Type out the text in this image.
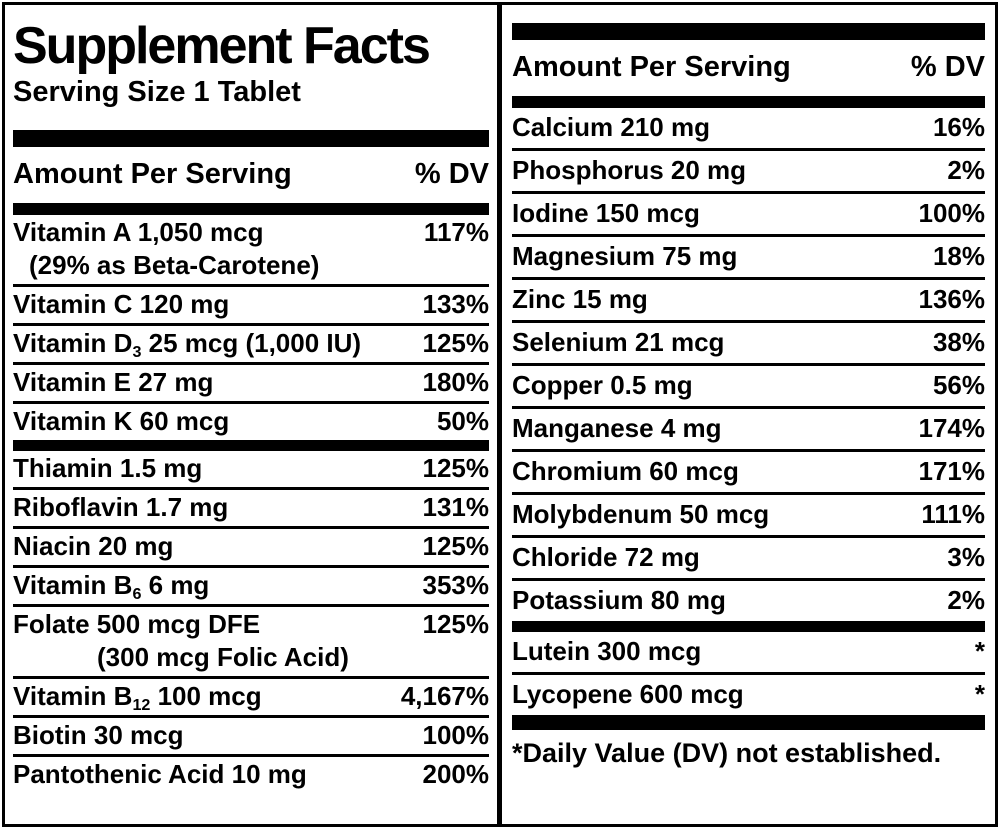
Supplement Facts
Serving Size 1 Tablet
Amount Per Serving	% DV
Vitamin A 1,050 mcg	117%
(29% as Beta-Carotene)
Vitamin C 120 mg	133%
Vitamin $D_3$ 25 mcg (1,000 IU) 125%
Vitamin E 27 mg	180%
Vitamin K 60 mcg	50%
Thiamin 1.5 mg	125%
Riboflavin 1.7 mg	131%
Niacin 20 mg	125%
Vitamin $B_6$ 6 mg	353%
Folate 500 mcg DFE	125%
(300 mcg Folic Acid)
Vitamin $B_{12}$ 100 mcg	4,167%
Biotin 30 mcg	100%
Pantothenic Acid 10 mg	200%
Amount Per Serving	% DV
Calcium 210 mg	16%
Phosphorus 20 mg	2%
Iodine 150 mcg	100%
Magnesium 75 mg	18%
Zinc 15 mg	136%
Selenium 21 mcg	38%
Copper 0.5 mg	56%
Manganese 4 mg	174%
Chromium 60 mcg	171%
Molybdenum 50 mcg	111%
Chloride 72 mg	3%
Potassium 80 mg	2%
Lutein 300 mcg	*
Lycopene 600 mcg	*
*Daily Value (DV) not established.
